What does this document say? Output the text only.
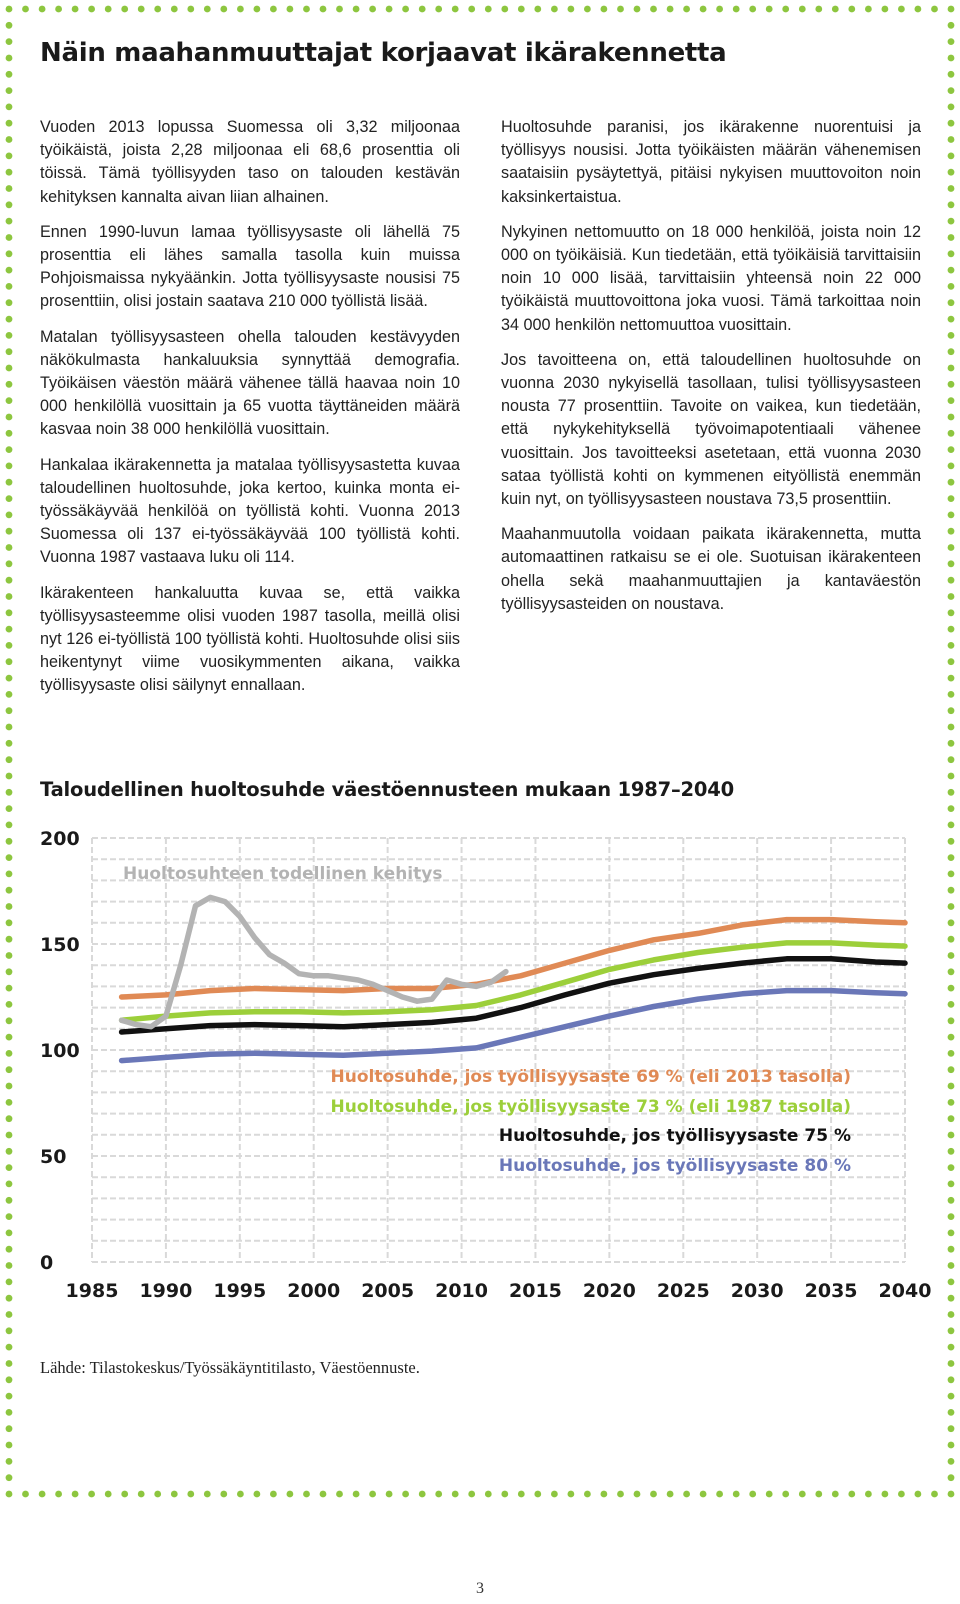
Näin maahanmuuttajat korjaavat ikärakennetta

Vuoden 2013 lopussa Suomessa oli 3,32 miljoonaa työikäistä, joista 2,28 miljoonaa eli 68,6 prosenttia oli töissä. Tämä työllisyyden taso on talouden kestävän kehityksen kannalta aivan liian alhainen.

Ennen 1990-luvun lamaa työllisyysaste oli lähellä 75 prosenttia eli lähes samalla tasolla kuin muissa Pohjoismaissa nykyäänkin. Jotta työllisyysaste nousisi 75 prosenttiin, olisi jostain saatava 210 000 työllistä lisää.

Matalan työllisyysasteen ohella talouden kestävyyden näkökulmasta hankaluuksia synnyttää demografia. Työikäisen väestön määrä vähenee tällä haavaa noin 10 000 henkilöllä vuosittain ja 65 vuotta täyttäneiden määrä kasvaa noin 38 000 henkilöllä vuosittain.

Hankalaa ikärakennetta ja matalaa työllisyysastetta kuvaa taloudellinen huoltosuhde, joka kertoo, kuinka monta ei-työssäkäyvää henkilöä on työllistä kohti. Vuonna 2013 Suomessa oli 137 ei-työssäkäyvää 100 työllistä kohti. Vuonna 1987 vastaava luku oli 114.

Ikärakenteen hankaluutta kuvaa se, että vaikka työllisyysasteemme olisi vuoden 1987 tasolla, meillä olisi nyt 126 ei-työllistä 100 työllistä kohti. Huoltosuhde olisi siis heikentynyt viime vuosikymmenten aikana, vaikka työllisyysaste olisi säilynyt ennallaan.

Huoltosuhde paranisi, jos ikärakenne nuorentuisi ja työllisyys nousisi. Jotta työikäisten määrän vähenemisen saataisiin pysäytettyä, pitäisi nykyisen muuttovoiton noin kaksinkertaistua.

Nykyinen nettomuutto on 18 000 henkilöä, joista noin 12 000 on työikäisiä. Kun tiedetään, että työikäisiä tarvittaisiin noin 10 000 lisää, tarvittaisiin yhteensä noin 22 000 työikäistä muuttovoittona joka vuosi. Tämä tarkoittaa noin 34 000 henkilön nettomuuttoa vuosittain.

Jos tavoitteena on, että taloudellinen huoltosuhde on vuonna 2030 nykyisellä tasollaan, tulisi työllisyysasteen nousta 77 prosenttiin. Tavoite on vaikea, kun tiedetään, että nykykehityksellä työvoimapotentiaali vähenee vuosittain. Jos tavoitteeksi asetetaan, että vuonna 2030 sataa työllistä kohti on kymmenen eityöllistä enemmän kuin nyt, on työllisyysasteen noustava 73,5 prosenttiin.

Maahanmuutolla voidaan paikata ikärakennetta, mutta automaattinen ratkaisu se ei ole. Suotuisan ikärakenteen ohella sekä maahanmuuttajien ja kantaväestön työllisyysasteiden on noustava.

Taloudellinen huoltosuhde väestöennusteen mukaan 1987–2040
0
50
100
150
200
1985 1990 1995 2000 2005 2010 2015 2020 2025 2030 2035 2040
Huoltosuhteen todellinen kehitys
Huoltosuhde, jos työllisyysaste 69 % (eli 2013 tasolla)
Huoltosuhde, jos työllisyysaste 73 % (eli 1987 tasolla)
Huoltosuhde, jos työllisyysaste 75 %
Huoltosuhde, jos työllisyysaste 80 %
Lähde: Tilastokeskus/Työssäkäyntitilasto, Väestöennuste.
3
